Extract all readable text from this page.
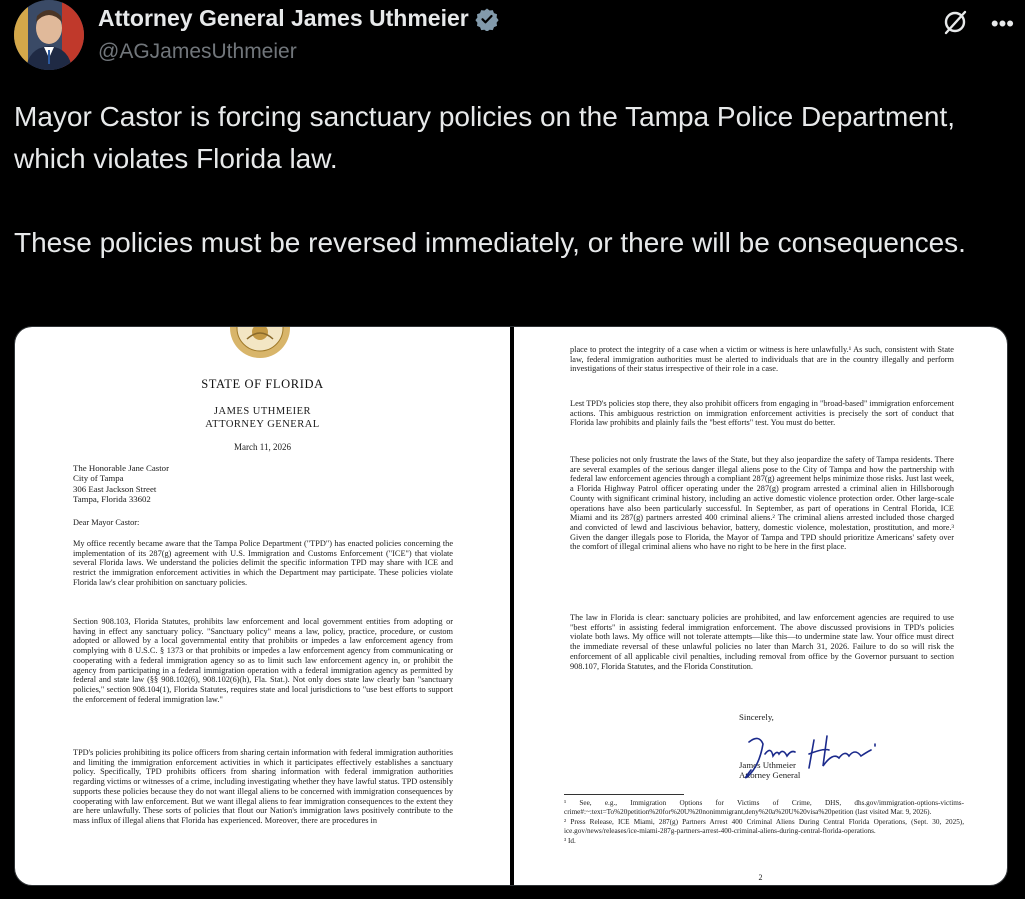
Attorney General James Uthmeier
@AGJamesUthmeier
•••
Mayor Castor is forcing sanctuary policies on the Tampa Police Department, which violates Florida law.

These policies must be reversed immediately, or there will be consequences.
STATE OF FLORIDA
JAMES UTHMEIER
ATTORNEY GENERAL
March 11, 2026
The Honorable Jane Castor
City of Tampa
306 East Jackson Street
Tampa, Florida 33602

Dear Mayor Castor:

My office recently became aware that the Tampa Police Department ("TPD") has enacted policies concerning the implementation of its 287(g) agreement with U.S. Immigration and Customs Enforcement ("ICE") that violate several Florida laws. We understand the policies delimit the specific information TPD may share with ICE and restrict the immigration enforcement activities in which the Department may participate. These policies violate Florida law's clear prohibition on sanctuary policies.

Section 908.103, Florida Statutes, prohibits law enforcement and local government entities from adopting or having in effect any sanctuary policy. "Sanctuary policy" means a law, policy, practice, procedure, or custom adopted or allowed by a local governmental entity that prohibits or impedes a law enforcement agency from complying with 8 U.S.C. § 1373 or that prohibits or impedes a law enforcement agency from communicating or cooperating with a federal immigration agency so as to limit such law enforcement agency in, or prohibit the agency from participating in a federal immigration operation with a federal immigration agency as permitted by federal and state law (§§ 908.102(6), 908.102(6)(h), Fla. Stat.). Not only does state law clearly ban "sanctuary policies," section 908.104(1), Florida Statutes, requires state and local jurisdictions to "use best efforts to support the enforcement of federal immigration law."

TPD's policies prohibiting its police officers from sharing certain information with federal immigration authorities and limiting the immigration enforcement activities in which it participates effectively establishes a sanctuary policy. Specifically, TPD prohibits officers from sharing information with federal immigration authorities regarding victims or witnesses of a crime, including investigating whether they have lawful status. TPD ostensibly supports these policies because they do not want illegal aliens to be concerned with immigration consequences by cooperating with law enforcement. But we want illegal aliens to fear immigration consequences to the extent they are here unlawfully. These sorts of policies that flout our Nation's immigration laws positively contribute to the mass influx of illegal aliens that Florida has experienced. Moreover, there are procedures in

place to protect the integrity of a case when a victim or witness is here unlawfully.¹ As such, consistent with State law, federal immigration authorities must be alerted to individuals that are in the country illegally and perform investigations of their status irrespective of their role in a case.

Lest TPD's policies stop there, they also prohibit officers from engaging in "broad-based" immigration enforcement actions. This ambiguous restriction on immigration enforcement activities is precisely the sort of conduct that Florida law prohibits and plainly fails the "best efforts" test. You must do better.

These policies not only frustrate the laws of the State, but they also jeopardize the safety of Tampa residents. There are several examples of the serious danger illegal aliens pose to the City of Tampa and how the partnership with federal law enforcement agencies through a compliant 287(g) agreement helps minimize those risks. Just last week, a Florida Highway Patrol officer operating under the 287(g) program arrested a criminal alien in Hillsborough County with significant criminal history, including an active domestic violence protection order. Other large-scale operations have also been particularly successful. In September, as part of operations in Central Florida, ICE Miami and its 287(g) partners arrested 400 criminal aliens.² The criminal aliens arrested included those charged and convicted of lewd and lascivious behavior, battery, domestic violence, molestation, prostitution, and more.³ Given the danger illegals pose to Florida, the Mayor of Tampa and TPD should prioritize Americans' safety over the comfort of illegal criminal aliens who have no right to be here in the first place.

The law in Florida is clear: sanctuary policies are prohibited, and law enforcement agencies are required to use "best efforts" in assisting federal immigration enforcement. The above discussed provisions in TPD's policies violate both laws. My office will not tolerate attempts—like this—to undermine state law. Your office must direct the immediate reversal of these unlawful policies no later than March 31, 2026. Failure to do so will risk the enforcement of all applicable civil penalties, including removal from office by the Governor pursuant to section 908.107, Florida Statutes, and the Florida Constitution.

Sincerely,
James Uthmeier
Attorney General

¹ See, e.g., Immigration Options for Victims of Crime, DHS, dhs.gov/immigration-options-victims-crime#:~:text=To%20petition%20for%20U%20nonimmigrant,deny%20a%20U%20visa%20petition (last visited Mar. 9, 2026).

² Press Release, ICE Miami, 287(g) Partners Arrest 400 Criminal Aliens During Central Florida Operations, (Sept. 30, 2025), ice.gov/news/releases/ice-miami-287g-partners-arrest-400-criminal-aliens-during-central-florida-operations.

³ Id.

2
